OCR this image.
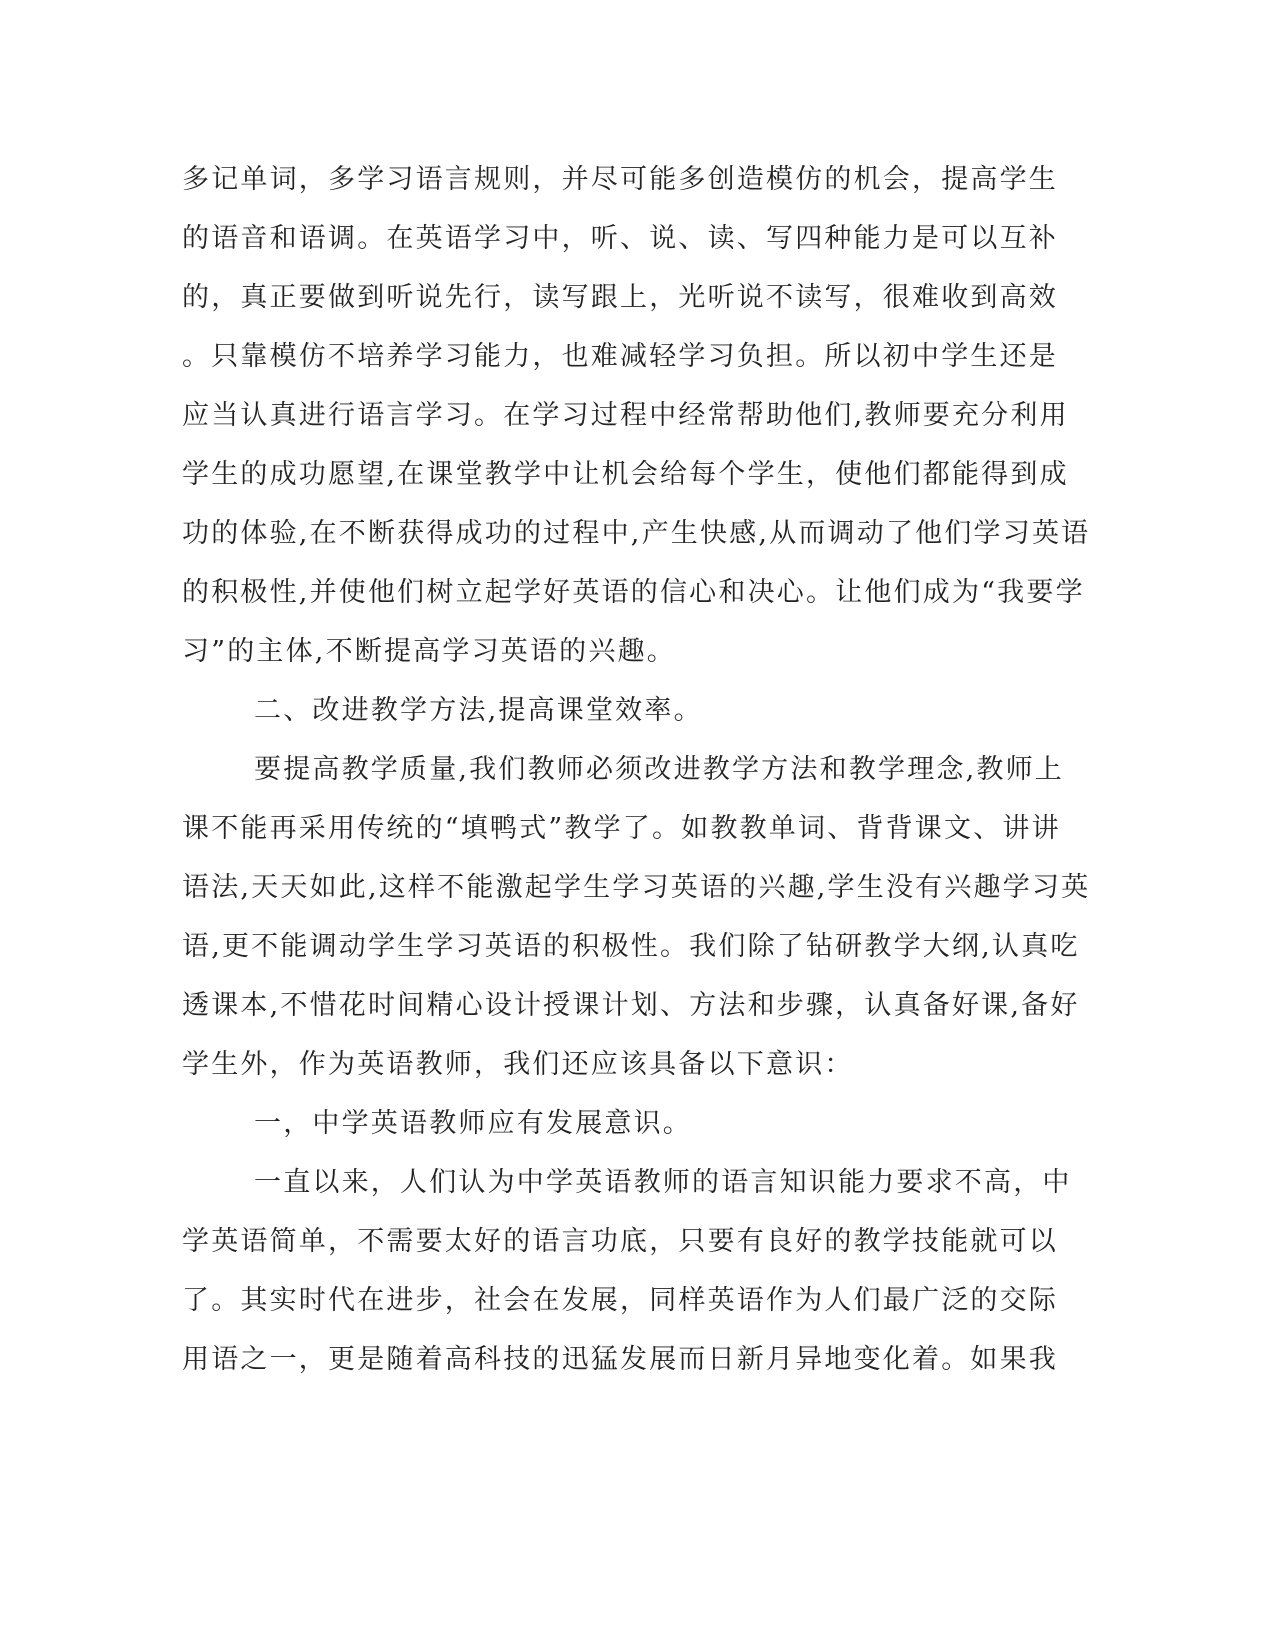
多记单词，多学习语言规则，并尽可能多创造模仿的机会，提高学生
的语音和语调。在英语学习中，听、说、读、写四种能力是可以互补
的，真正要做到听说先行，读写跟上，光听说不读写，很难收到高效
。只靠模仿不培养学习能力，也难减轻学习负担。所以初中学生还是
应当认真进行语言学习。在学习过程中经常帮助他们,教师要充分利用
学生的成功愿望,在课堂教学中让机会给每个学生，使他们都能得到成
功的体验,在不断获得成功的过程中,产生快感,从而调动了他们学习英语
的积极性,并使他们树立起学好英语的信心和决心。让他们成为“我要学
习”的主体,不断提高学习英语的兴趣。
二、改进教学方法,提高课堂效率。
要提高教学质量,我们教师必须改进教学方法和教学理念,教师上
课不能再采用传统的“填鸭式”教学了。如教教单词、背背课文、讲讲
语法,天天如此,这样不能激起学生学习英语的兴趣,学生没有兴趣学习英
语,更不能调动学生学习英语的积极性。我们除了钻研教学大纲,认真吃
透课本,不惜花时间精心设计授课计划、方法和步骤，认真备好课,备好
学生外，作为英语教师，我们还应该具备以下意识：
一，中学英语教师应有发展意识。
一直以来，人们认为中学英语教师的语言知识能力要求不高，中
学英语简单，不需要太好的语言功底，只要有良好的教学技能就可以
了。其实时代在进步，社会在发展，同样英语作为人们最广泛的交际
用语之一，更是随着高科技的迅猛发展而日新月异地变化着。如果我
